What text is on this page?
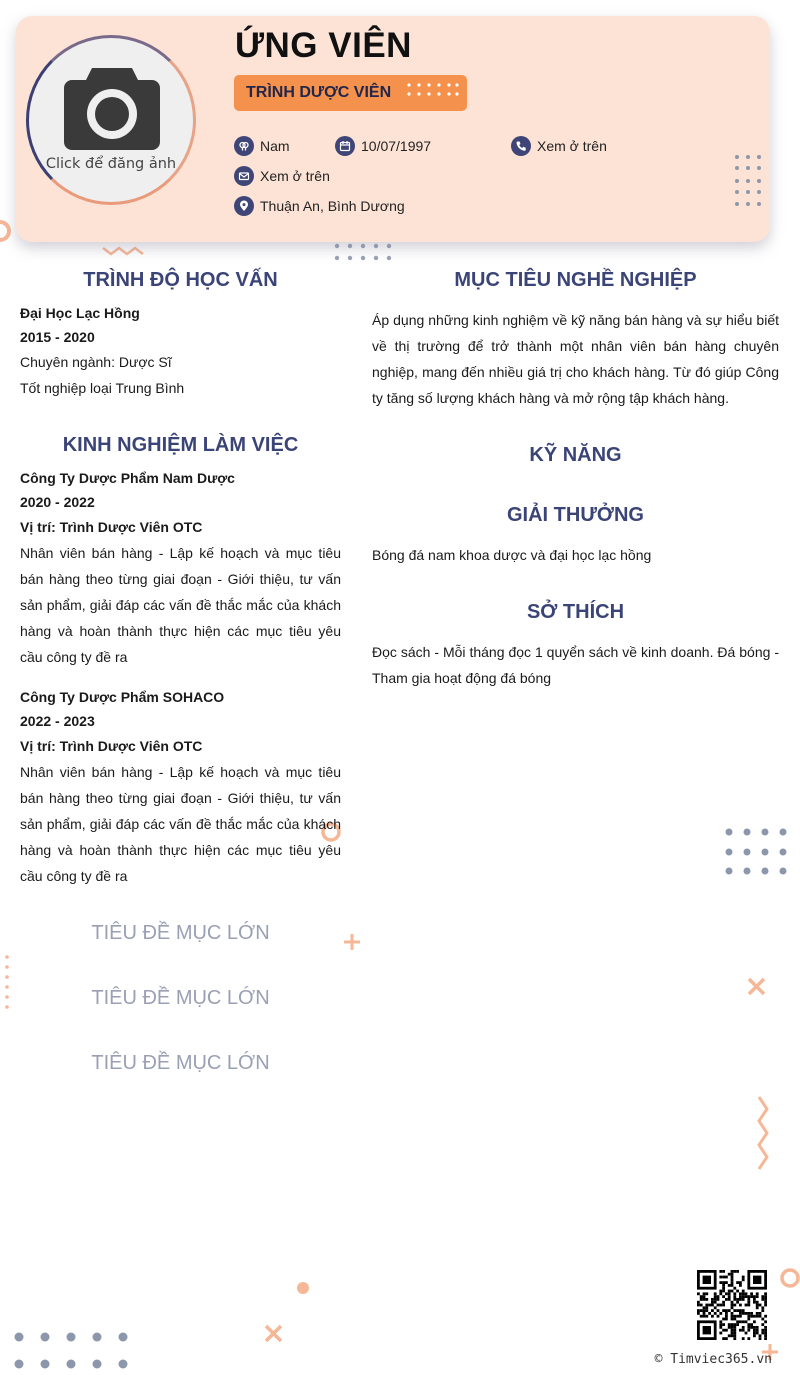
Click để đăng ảnh
ỨNG VIÊN
TRÌNH DƯỢC VIÊN
Nam	10/07/1997	Xem ở trên
Xem ở trên
Thuận An, Bình Dương
TRÌNH ĐỘ HỌC VẤN
Đại Học Lạc Hồng
2015 - 2020
Chuyên ngành: Dược Sĩ
Tốt nghiệp loại Trung Bình
KINH NGHIỆM LÀM VIỆC
Công Ty Dược Phẩm Nam Dược
2020 - 2022
Vị trí: Trình Dược Viên OTC
Nhân viên bán hàng - Lập kế hoạch và mục tiêu bán hàng theo từng giai đoạn - Giới thiệu, tư vấn sản phẩm, giải đáp các vấn đề thắc mắc của khách hàng và hoàn thành thực hiện các mục tiêu yêu cầu công ty đề ra
Công Ty Dược Phẩm SOHACO
2022 - 2023
Vị trí: Trình Dược Viên OTC
Nhân viên bán hàng - Lập kế hoạch và mục tiêu bán hàng theo từng giai đoạn - Giới thiệu, tư vấn sản phẩm, giải đáp các vấn đề thắc mắc của khách hàng và hoàn thành thực hiện các mục tiêu yêu cầu công ty đề ra
TIÊU ĐỀ MỤC LỚN
TIÊU ĐỀ MỤC LỚN
TIÊU ĐỀ MỤC LỚN
MỤC TIÊU NGHỀ NGHIỆP
Áp dụng những kinh nghiệm về kỹ năng bán hàng và sự hiểu biết về thị trường để trở thành một nhân viên bán hàng chuyên nghiệp, mang đến nhiều giá trị cho khách hàng. Từ đó giúp Công ty tăng số lượng khách hàng và mở rộng tập khách hàng.
KỸ NĂNG
GIẢI THƯỞNG
Bóng đá nam khoa dược và đại học lạc hồng
SỞ THÍCH
Đọc sách - Mỗi tháng đọc 1 quyển sách về kinh doanh. Đá bóng - Tham gia hoạt động đá bóng
© Timviec365.vn
